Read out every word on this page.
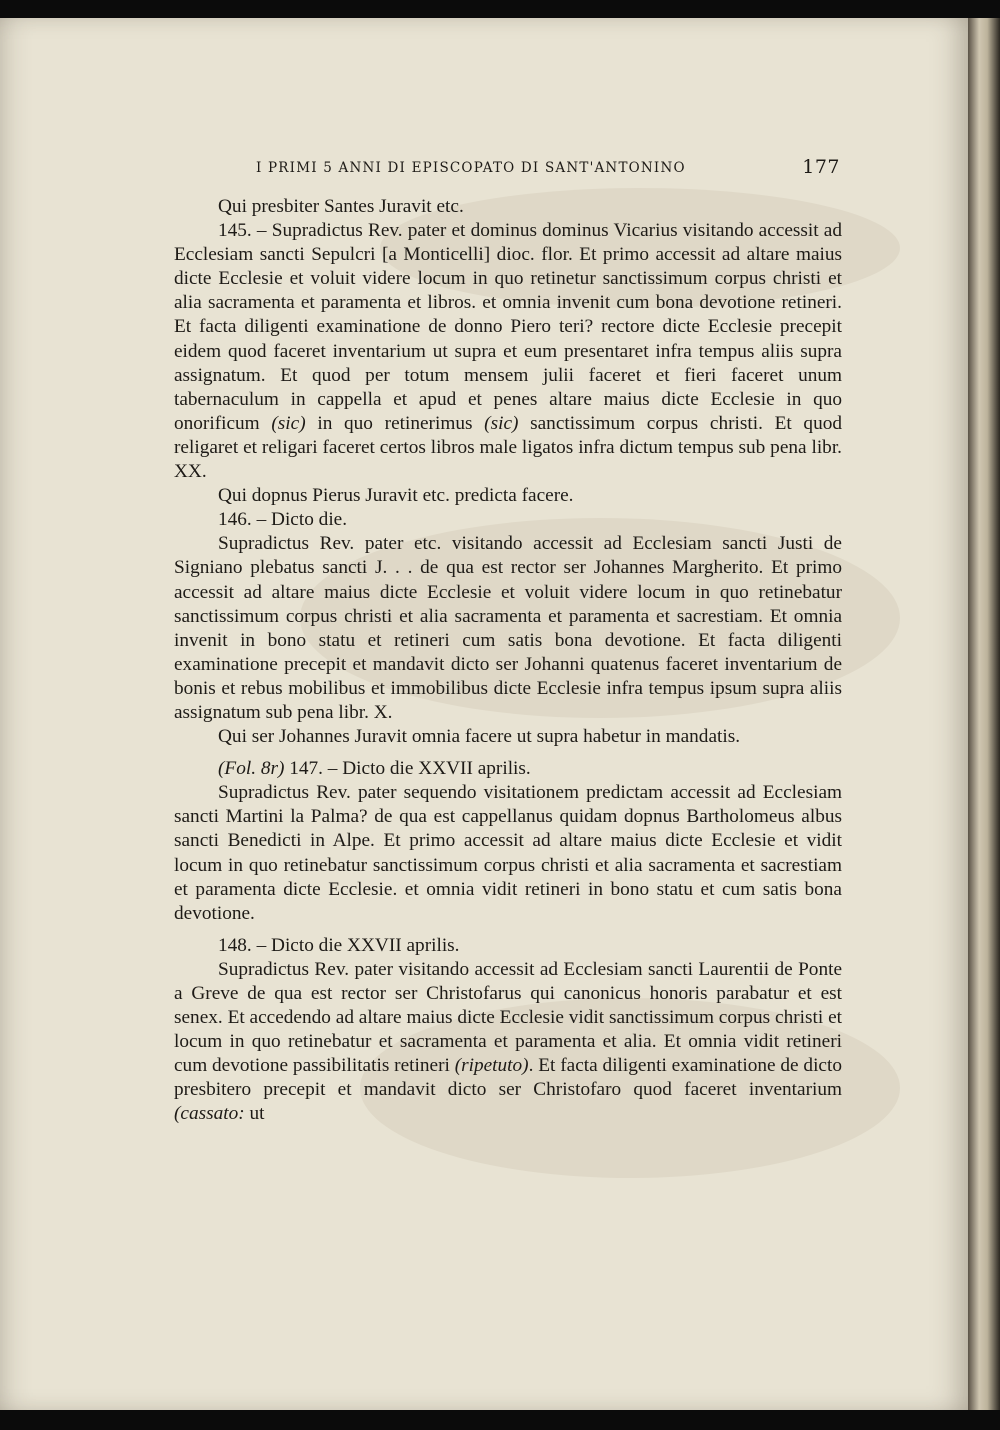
I PRIMI 5 ANNI DI EPISCOPATO DI SANT'ANTONINO	177

Qui presbiter Santes Juravit etc.

145. – Supradictus Rev. pater et dominus dominus Vicarius visitando accessit ad Ecclesiam sancti Sepulcri [a Monticelli] dioc. flor. Et primo accessit ad altare maius dicte Ecclesie et voluit videre locum in quo retinetur sanctissimum corpus christi et alia sacramenta et paramenta et libros. et omnia invenit cum bona devotione retineri. Et facta diligenti examinatione de donno Piero teri? rectore dicte Ecclesie precepit eidem quod faceret inventarium ut supra et eum presentaret infra tempus aliis supra assignatum. Et quod per totum mensem julii faceret et fieri faceret unum tabernaculum in cappella et apud et penes altare maius dicte Ecclesie in quo onorificum (sic) in quo retinerimus (sic) sanctissimum corpus christi. Et quod religaret et religari faceret certos libros male ligatos infra dictum tempus sub pena libr. XX.

Qui dopnus Pierus Juravit etc. predicta facere.

146. – Dicto die.

Supradictus Rev. pater etc. visitando accessit ad Ecclesiam sancti Justi de Signiano plebatus sancti J. . . de qua est rector ser Johannes Margherito. Et primo accessit ad altare maius dicte Ecclesie et voluit videre locum in quo retinebatur sanctissimum corpus christi et alia sacramenta et paramenta et sacrestiam. Et omnia invenit in bono statu et retineri cum satis bona devotione. Et facta diligenti examinatione precepit et mandavit dicto ser Johanni quatenus faceret inventarium de bonis et rebus mobilibus et immobilibus dicte Ecclesie infra tempus ipsum supra aliis assignatum sub pena libr. X.

Qui ser Johannes Juravit omnia facere ut supra habetur in mandatis.

(Fol. 8r) 147. – Dicto die XXVII aprilis.

Supradictus Rev. pater sequendo visitationem predictam accessit ad Ecclesiam sancti Martini la Palma? de qua est cappellanus quidam dopnus Bartholomeus albus sancti Benedicti in Alpe. Et primo accessit ad altare maius dicte Ecclesie et vidit locum in quo retinebatur sanctissimum corpus christi et alia sacramenta et sacrestiam et paramenta dicte Ecclesie. et omnia vidit retineri in bono statu et cum satis bona devotione.

148. – Dicto die XXVII aprilis.

Supradictus Rev. pater visitando accessit ad Ecclesiam sancti Laurentii de Ponte a Greve de qua est rector ser Christofarus qui canonicus honoris parabatur et est senex. Et accedendo ad altare maius dicte Ecclesie vidit sanctissimum corpus christi et locum in quo retinebatur et sacramenta et paramenta et alia. Et omnia vidit retineri cum devotione passibilitatis retineri (ripetuto). Et facta diligenti examinatione de dicto presbitero precepit et mandavit dicto ser Christofaro quod faceret inventarium (cassato: ut
